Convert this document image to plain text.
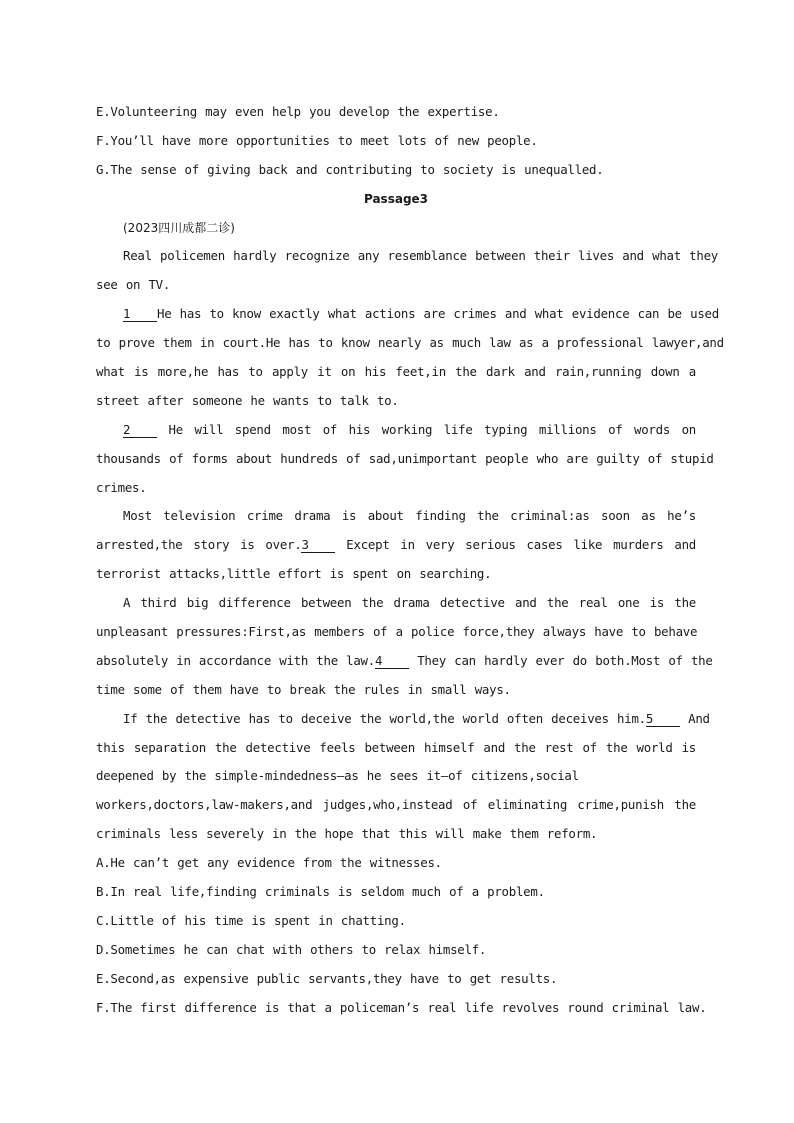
E.Volunteering may even help you develop the expertise.
F.You’ll have more opportunities to meet lots of new people.
G.The sense of giving back and contributing to society is unequalled.
Passage3
(2023四川成都二诊)
Real policemen hardly recognize any resemblance between their lives and what they
see on TV.
1 He has to know exactly what actions are crimes and what evidence can be used
to prove them in court.He has to know nearly as much law as a professional lawyer,and
what is more,he has to apply it on his feet,in the dark and rain,running down a
street after someone he wants to talk to.
2 He will spend most of his working life typing millions of words on
thousands of forms about hundreds of sad,unimportant people who are guilty of stupid
crimes.
Most television crime drama is about finding the criminal:as soon as he’s
arrested,the story is over.3 Except in very serious cases like murders and
terrorist attacks,little effort is spent on searching.
A third big difference between the drama detective and the real one is the
unpleasant pressures:First,as members of a police force,they always have to behave
absolutely in accordance with the law.4 They can hardly ever do both.Most of the
time some of them have to break the rules in small ways.
If the detective has to deceive the world,the world often deceives him.5 And
this separation the detective feels between himself and the rest of the world is
deepened by the simple-mindedness—as he sees it—of citizens,social
workers,doctors,law-makers,and judges,who,instead of eliminating crime,punish the
criminals less severely in the hope that this will make them reform.
A.He can’t get any evidence from the witnesses.
B.In real life,finding criminals is seldom much of a problem.
C.Little of his time is spent in chatting.
D.Sometimes he can chat with others to relax himself.
E.Second,as expensive public servants,they have to get results.
F.The first difference is that a policeman’s real life revolves round criminal law.
